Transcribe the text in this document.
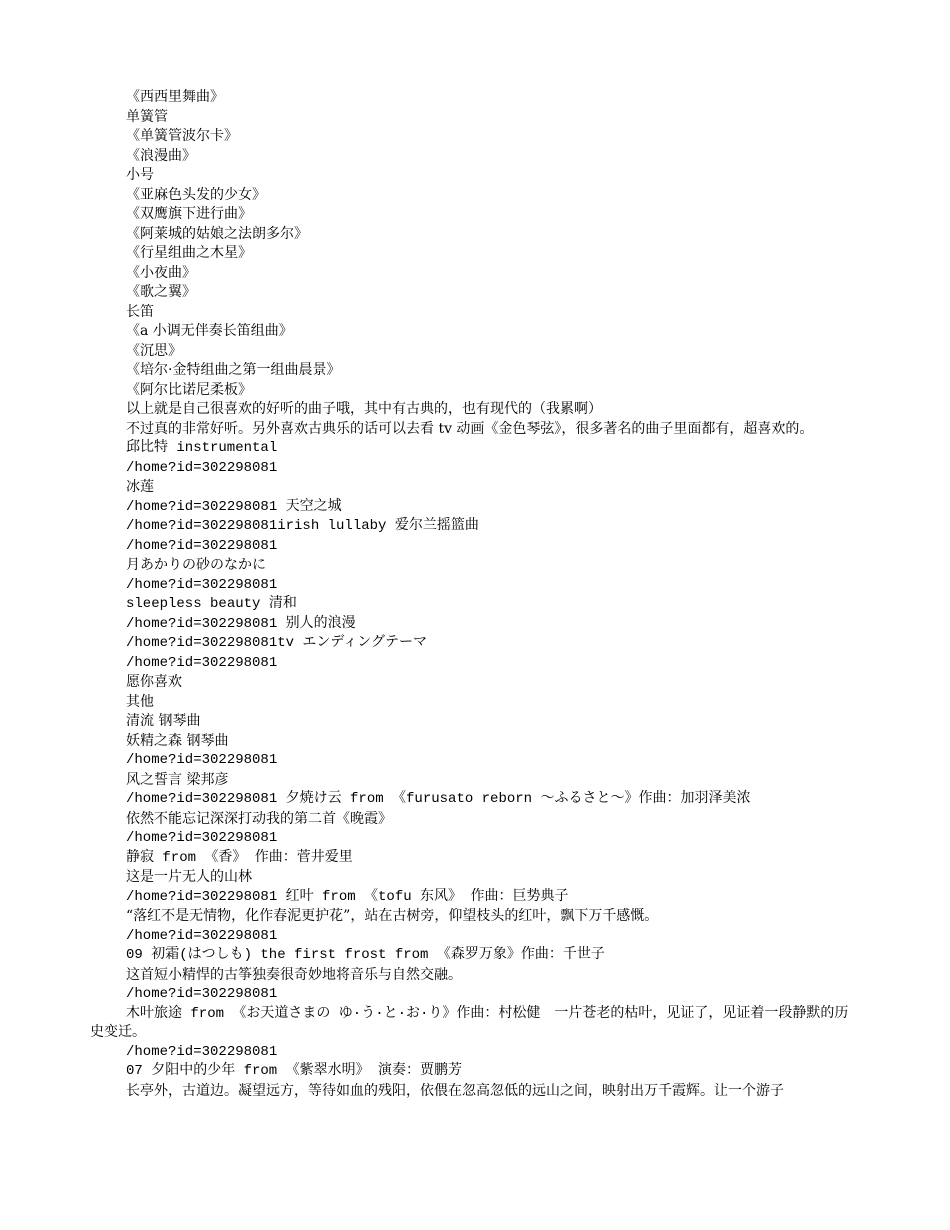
《西西里舞曲》
单簧管
《单簧管波尔卡》
《浪漫曲》
小号
《亚麻色头发的少女》
《双鹰旗下进行曲》
《阿莱城的姑娘之法朗多尔》
《行星组曲之木星》
《小夜曲》
《歌之翼》
长笛
《a 小调无伴奏长笛组曲》
《沉思》
《培尔·金特组曲之第一组曲晨景》
《阿尔比诺尼柔板》
以上就是自己很喜欢的好听的曲子哦，其中有古典的，也有现代的（我累啊）
不过真的非常好听。另外喜欢古典乐的话可以去看 tv 动画《金色琴弦》，很多著名的曲子里面都有，超喜欢的。
邱比特 instrumental
/home?id=302298081
冰莲
/home?id=302298081 天空之城
/home?id=302298081irish lullaby 爱尔兰摇篮曲
/home?id=302298081
月あかりの砂のなかに
/home?id=302298081
sleepless beauty 清和
/home?id=302298081 别人的浪漫
/home?id=302298081tv エンディングテーマ
/home?id=302298081
愿你喜欢
其他
清流 钢琴曲
妖精之森 钢琴曲
/home?id=302298081
风之誓言 梁邦彦
/home?id=302298081 夕焼け云 from 《furusato reborn ～ふるさと～》作曲：加羽泽美浓
依然不能忘记深深打动我的第二首《晚霞》
/home?id=302298081
静寂 from 《香》 作曲：菅井爱里
这是一片无人的山林
/home?id=302298081 红叶 from 《tofu 东风》 作曲：巨势典子
“落红不是无情物，化作春泥更护花”，站在古树旁，仰望枝头的红叶，飘下万千感慨。
/home?id=302298081
09 初霜(はつしも) the first frost from 《森罗万象》作曲：千世子
这首短小精悍的古筝独奏很奇妙地将音乐与自然交融。
/home?id=302298081
木叶旅途 from 《お天道さまの ゆ·う·と·お·り》作曲：村松健　一片苍老的枯叶，见证了，见证着一段静默的历史变迁。
/home?id=302298081
07 夕阳中的少年 from 《紫翠水明》 演奏：贾鹏芳
长亭外，古道边。凝望远方，等待如血的残阳，依偎在忽高忽低的远山之间，映射出万千霞辉。让一个游子
